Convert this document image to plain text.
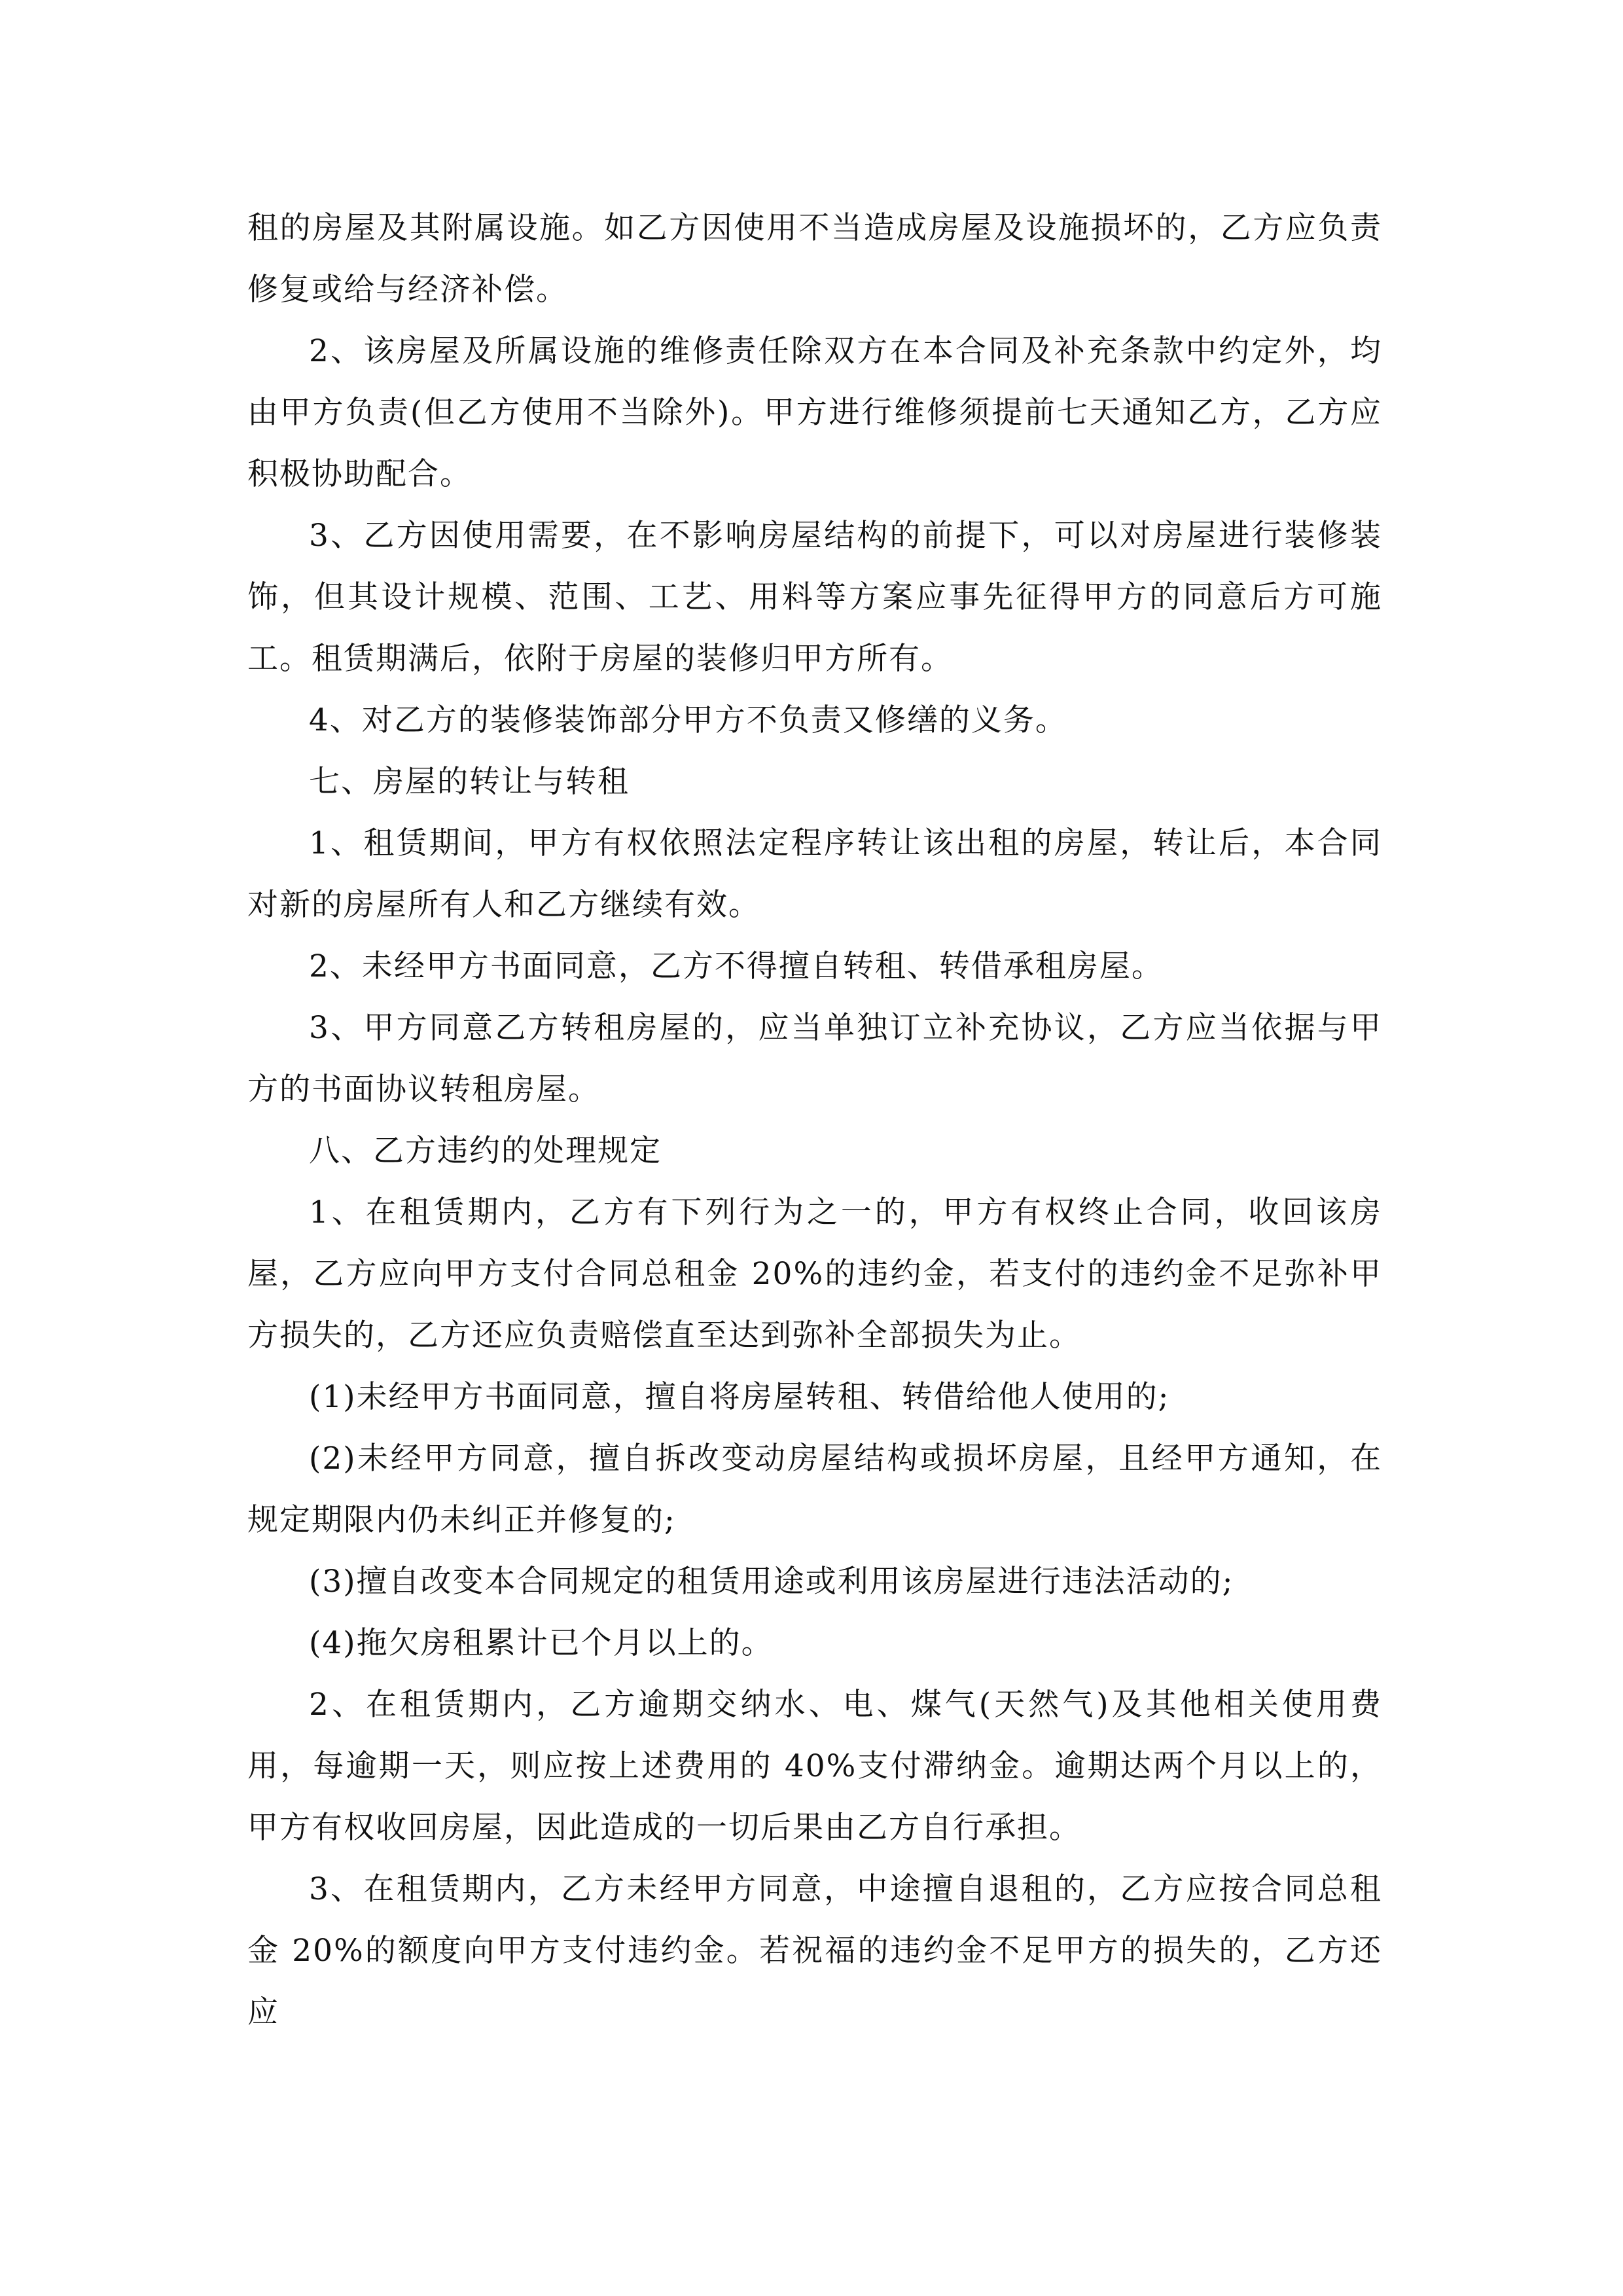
租的房屋及其附属设施。如乙方因使用不当造成房屋及设施损坏的，乙方应负责修复或给与经济补偿。

2、该房屋及所属设施的维修责任除双方在本合同及补充条款中约定外，均由甲方负责(但乙方使用不当除外)。甲方进行维修须提前七天通知乙方，乙方应积极协助配合。

3、乙方因使用需要，在不影响房屋结构的前提下，可以对房屋进行装修装饰，但其设计规模、范围、工艺、用料等方案应事先征得甲方的同意后方可施工。租赁期满后，依附于房屋的装修归甲方所有。

4、对乙方的装修装饰部分甲方不负责又修缮的义务。

七、房屋的转让与转租

1、租赁期间，甲方有权依照法定程序转让该出租的房屋，转让后，本合同对新的房屋所有人和乙方继续有效。

2、未经甲方书面同意，乙方不得擅自转租、转借承租房屋。

3、甲方同意乙方转租房屋的，应当单独订立补充协议，乙方应当依据与甲方的书面协议转租房屋。

八、乙方违约的处理规定

1、在租赁期内，乙方有下列行为之一的，甲方有权终止合同，收回该房屋，乙方应向甲方支付合同总租金 20%的违约金，若支付的违约金不足弥补甲方损失的，乙方还应负责赔偿直至达到弥补全部损失为止。

(1)未经甲方书面同意，擅自将房屋转租、转借给他人使用的;

(2)未经甲方同意，擅自拆改变动房屋结构或损坏房屋，且经甲方通知，在规定期限内仍未纠正并修复的;

(3)擅自改变本合同规定的租赁用途或利用该房屋进行违法活动的;

(4)拖欠房租累计已个月以上的。

2、在租赁期内，乙方逾期交纳水、电、煤气(天然气)及其他相关使用费用，每逾期一天，则应按上述费用的 40%支付滞纳金。逾期达两个月以上的，甲方有权收回房屋，因此造成的一切后果由乙方自行承担。

3、在租赁期内，乙方未经甲方同意，中途擅自退租的，乙方应按合同总租金 20%的额度向甲方支付违约金。若祝福的违约金不足甲方的损失的，乙方还应
